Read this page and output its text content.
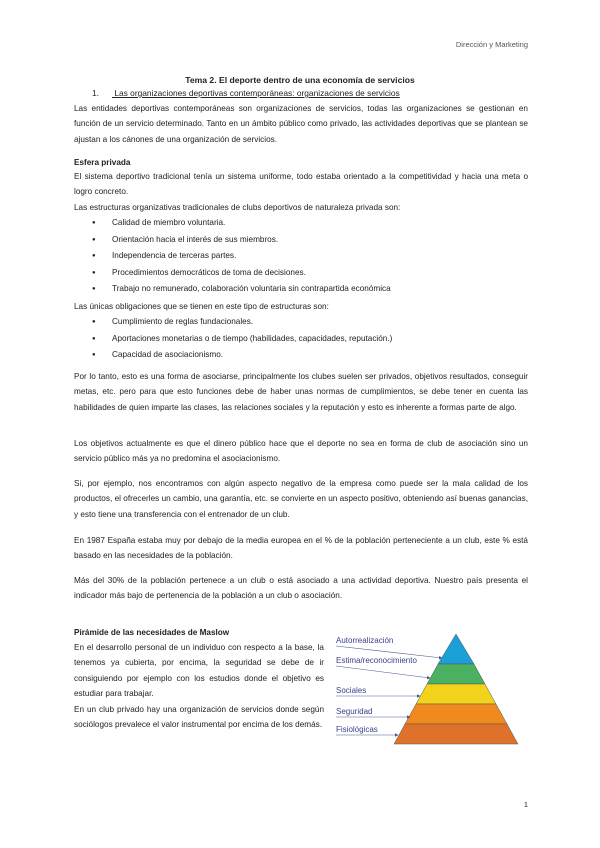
Dirección y Marketing
Tema 2. El deporte dentro de una economía de servicios
1. Las organizaciones deportivas contemporáneas: organizaciones de servicios
Las entidades deportivas contemporáneas son organizaciones de servicios, todas las organizaciones se gestionan en función de un servicio determinado. Tanto en un ámbito público como privado, las actividades deportivas que se plantean se ajustan a los cánones de una organización de servicios.
Esfera privada
El sistema deportivo tradicional tenía un sistema uniforme, todo estaba orientado a la competitividad y hacia una meta o logro concreto.
Las estructuras organizativas tradicionales de clubs deportivos de naturaleza privada son:
● Calidad de miembro voluntaria.
● Orientación hacia el interés de sus miembros.
● Independencia de terceras partes.
● Procedimientos democráticos de toma de decisiones.
● Trabajo no remunerado, colaboración voluntaria sin contrapartida económica
Las únicas obligaciones que se tienen en este tipo de estructuras son:
● Cumplimiento de reglas fundacionales.
● Aportaciones monetarias o de tiempo (habilidades, capacidades, reputación.)
● Capacidad de asociacionismo.
Por lo tanto, esto es una forma de asociarse, principalmente los clubes suelen ser privados, objetivos resultados, conseguir metas, etc. pero para que esto funciones debe de haber unas normas de cumplimientos, se debe tener en cuenta las habilidades de quien imparte las clases, las relaciones sociales y la reputación y esto es inherente a formas parte de algo.
Los objetivos actualmente es que el dinero público hace que el deporte no sea en forma de club de asociación sino un servicio público más ya no predomina el asociacionismo.
Si, por ejemplo, nos encontramos con algún aspecto negativo de la empresa como puede ser la mala calidad de los productos, el ofrecerles un cambio, una garantía, etc. se convierte en un aspecto positivo, obteniendo así buenas ganancias, y esto tiene una transferencia con el entrenador de un club.
En 1987 España estaba muy por debajo de la media europea en el % de la población perteneciente a un club, este % está basado en las necesidades de la población.
Más del 30% de la población pertenece a un club o está asociado a una actividad deportiva. Nuestro país presenta el indicador más bajo de pertenencia de la población a un club o asociación.
Pirámide de las necesidades de Maslow
En el desarrollo personal de un individuo con respecto a la base, la tenemos ya cubierta, por encima, la seguridad se debe de ir consiguiendo por ejemplo con los estudios donde el objetivo es estudiar para trabajar.
En un club privado hay una organización de servicios donde según sociólogos prevalece el valor instrumental por encima de los demás.
Autorrealización
Estima/reconocimiento
Sociales
Seguridad
Fisiológicas
1
